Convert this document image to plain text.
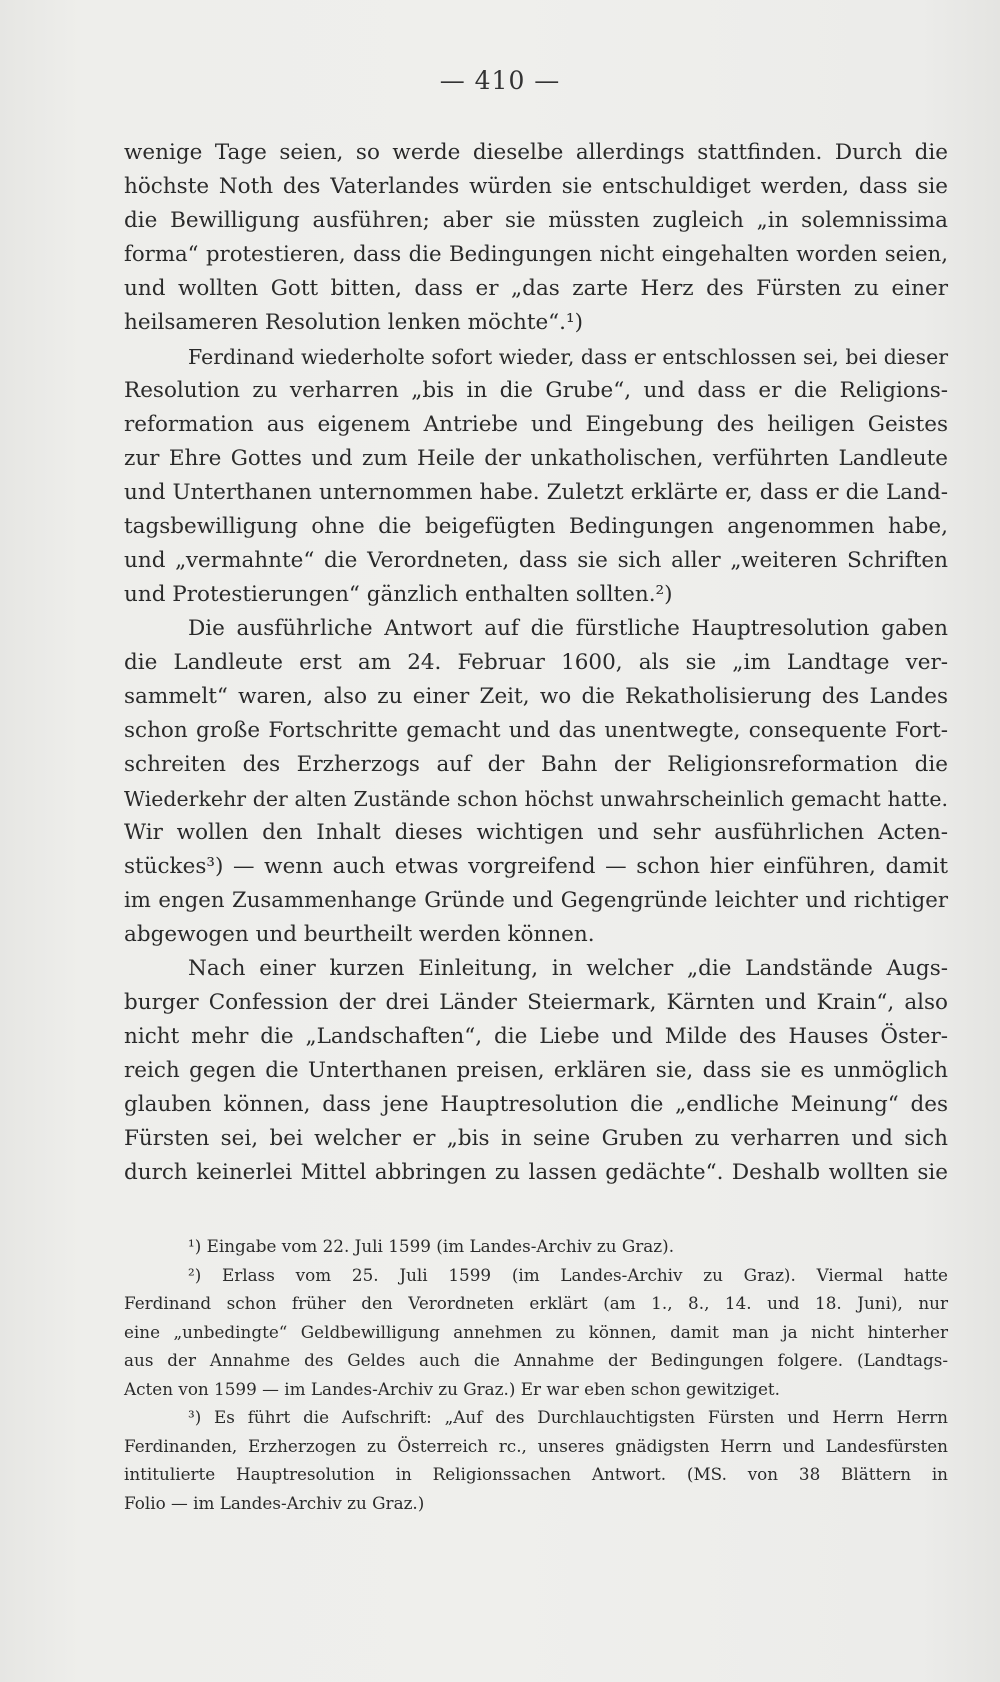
— 410 —
wenige Tage seien, so werde dieselbe allerdings stattfinden. Durch die
höchste Noth des Vaterlandes würden sie entschuldiget werden, dass sie
die Bewilligung ausführen; aber sie müssten zugleich „in solemnissima
forma“ protestieren, dass die Bedingungen nicht eingehalten worden seien,
und wollten Gott bitten, dass er „das zarte Herz des Fürsten zu einer
heilsameren Resolution lenken möchte“.¹)
Ferdinand wiederholte sofort wieder, dass er entschlossen sei, bei dieser
Resolution zu verharren „bis in die Grube“, und dass er die Religions-
reformation aus eigenem Antriebe und Eingebung des heiligen Geistes
zur Ehre Gottes und zum Heile der unkatholischen, verführten Landleute
und Unterthanen unternommen habe. Zuletzt erklärte er, dass er die Land-
tagsbewilligung ohne die beigefügten Bedingungen angenommen habe,
und „vermahnte“ die Verordneten, dass sie sich aller „weiteren Schriften
und Protestierungen“ gänzlich enthalten sollten.²)
Die ausführliche Antwort auf die fürstliche Hauptresolution gaben
die Landleute erst am 24. Februar 1600, als sie „im Landtage ver-
sammelt“ waren, also zu einer Zeit, wo die Rekatholisierung des Landes
schon große Fortschritte gemacht und das unentwegte, consequente Fort-
schreiten des Erzherzogs auf der Bahn der Religionsreformation die
Wiederkehr der alten Zustände schon höchst unwahrscheinlich gemacht hatte.
Wir wollen den Inhalt dieses wichtigen und sehr ausführlichen Acten-
stückes³) — wenn auch etwas vorgreifend — schon hier einführen, damit
im engen Zusammenhange Gründe und Gegengründe leichter und richtiger
abgewogen und beurtheilt werden können.
Nach einer kurzen Einleitung, in welcher „die Landstände Augs-
burger Confession der drei Länder Steiermark, Kärnten und Krain“, also
nicht mehr die „Landschaften“, die Liebe und Milde des Hauses Öster-
reich gegen die Unterthanen preisen, erklären sie, dass sie es unmöglich
glauben können, dass jene Hauptresolution die „endliche Meinung“ des
Fürsten sei, bei welcher er „bis in seine Gruben zu verharren und sich
durch keinerlei Mittel abbringen zu lassen gedächte“. Deshalb wollten sie
¹) Eingabe vom 22. Juli 1599 (im Landes-Archiv zu Graz).
²) Erlass vom 25. Juli 1599 (im Landes-Archiv zu Graz). Viermal hatte
Ferdinand schon früher den Verordneten erklärt (am 1., 8., 14. und 18. Juni), nur
eine „unbedingte“ Geldbewilligung annehmen zu können, damit man ja nicht hinterher
aus der Annahme des Geldes auch die Annahme der Bedingungen folgere. (Landtags-
Acten von 1599 — im Landes-Archiv zu Graz.) Er war eben schon gewitziget.
³) Es führt die Aufschrift: „Auf des Durchlauchtigsten Fürsten und Herrn Herrn
Ferdinanden, Erzherzogen zu Österreich rc., unseres gnädigsten Herrn und Landesfürsten
intitulierte Hauptresolution in Religionssachen Antwort. (MS. von 38 Blättern in
Folio — im Landes-Archiv zu Graz.)
